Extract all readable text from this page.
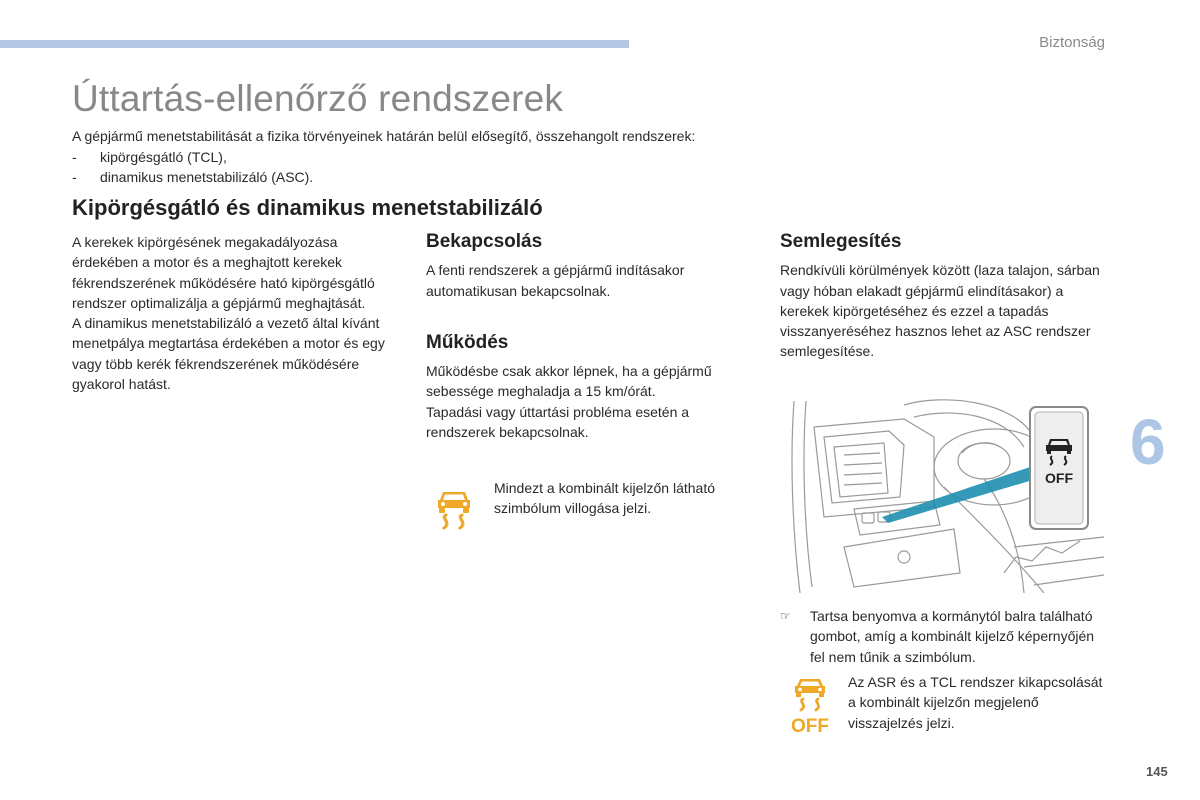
Biztonság
6
145
Úttartás-ellenőrző rendszerek
A gépjármű menetstabilitását a fizika törvényeinek határán belül elősegítő, összehangolt rendszerek:
- kipörgésgátló (TCL),
- dinamikus menetstabilizáló (ASC).
Kipörgésgátló és dinamikus menetstabilizáló

A kerekek kipörgésének megakadályozása érdekében a motor és a meghajtott kerekek fékrendszerének működésére ható kipörgésgátló rendszer optimalizálja a gépjármű meghajtását.

A dinamikus menetstabilizáló a vezető által kívánt menetpálya megtartása érdekében a motor és egy vagy több kerék fékrendszerének működésére gyakorol hatást.

Bekapcsolás

A fenti rendszerek a gépjármű indításakor automatikusan bekapcsolnak.

Működés

Működésbe csak akkor lépnek, ha a gépjármű sebessége meghaladja a 15 km/órát.

Tapadási vagy úttartási probléma esetén a rendszerek bekapcsolnak.

Mindezt a kombinált kijelzőn látható szimbólum villogása jelzi.
Semlegesítés

Rendkívüli körülmények között (laza talajon, sárban vagy hóban elakadt gépjármű elindításakor) a kerekek kipörgetéséhez és ezzel a tapadás visszanyeréséhez hasznos lehet az ASC rendszer semlegesítése.

OFF
☞ Tartsa benyomva a kormánytól balra található gombot, amíg a kombinált kijelző képernyőjén fel nem tűnik a szimbólum.
OFF
Az ASR és a TCL rendszer kikapcsolását a kombinált kijelzőn megjelenő visszajelzés jelzi.
